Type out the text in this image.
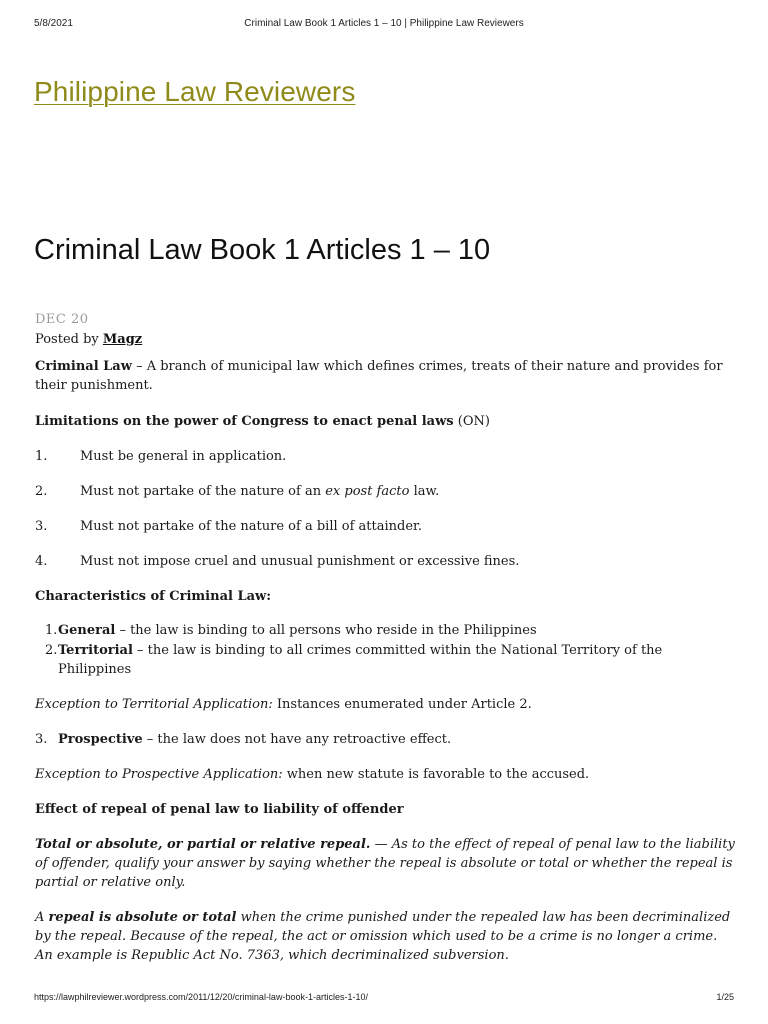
5/8/2021	Criminal Law Book 1 Articles 1 – 10 | Philippine Law Reviewers
Philippine Law Reviewers
Criminal Law Book 1 Articles 1 – 10
DEC 20
Posted by Magz
Criminal Law – A branch of municipal law which defines crimes, treats of their nature and provides for their punishment.
Limitations on the power of Congress to enact penal laws (ON)
1.	Must be general in application.
2.	Must not partake of the nature of an ex post facto law.
3.	Must not partake of the nature of a bill of attainder.
4.	Must not impose cruel and unusual punishment or excessive fines.
Characteristics of Criminal Law:
1. General – the law is binding to all persons who reside in the Philippines
2. Territorial – the law is binding to all crimes committed within the National Territory of the Philippines
Exception to Territorial Application: Instances enumerated under Article 2.
3. Prospective – the law does not have any retroactive effect.
Exception to Prospective Application: when new statute is favorable to the accused.
Effect of repeal of penal law to liability of offender
Total or absolute, or partial or relative repeal. — As to the effect of repeal of penal law to the liability of offender, qualify your answer by saying whether the repeal is absolute or total or whether the repeal is partial or relative only.
A repeal is absolute or total when the crime punished under the repealed law has been decriminalized by the repeal. Because of the repeal, the act or omission which used to be a crime is no longer a crime. An example is Republic Act No. 7363, which decriminalized subversion.
https://lawphilreviewer.wordpress.com/2011/12/20/criminal-law-book-1-articles-1-10/	1/25
